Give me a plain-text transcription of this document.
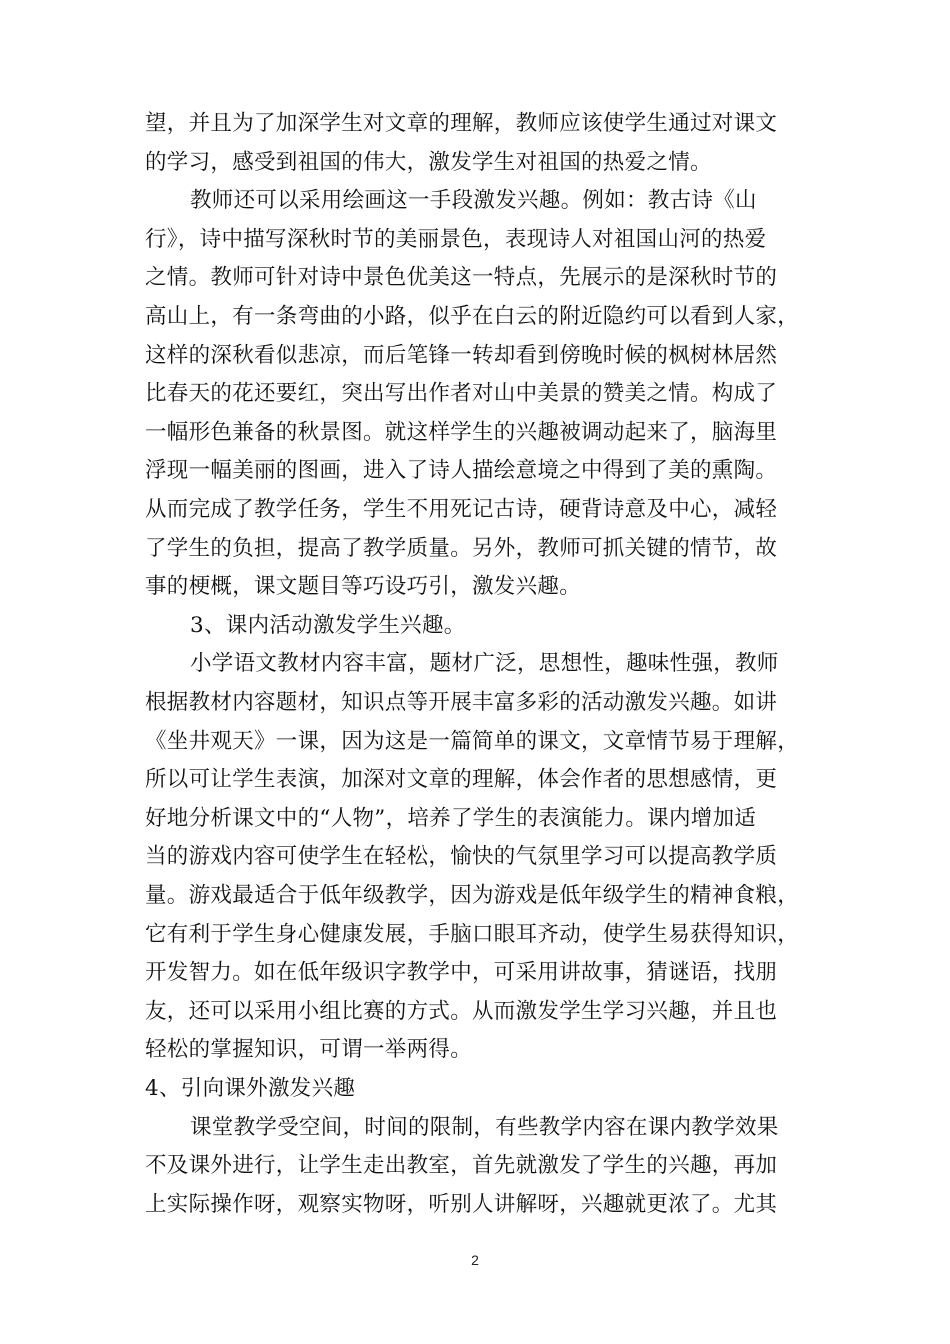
望，并且为了加深学生对文章的理解，教师应该使学生通过对课文
的学习，感受到祖国的伟大，激发学生对祖国的热爱之情。
教师还可以采用绘画这一手段激发兴趣。例如：教古诗《山
行》，诗中描写深秋时节的美丽景色，表现诗人对祖国山河的热爱
之情。教师可针对诗中景色优美这一特点，先展示的是深秋时节的
高山上，有一条弯曲的小路，似乎在白云的附近隐约可以看到人家，
这样的深秋看似悲凉，而后笔锋一转却看到傍晚时候的枫树林居然
比春天的花还要红，突出写出作者对山中美景的赞美之情。构成了
一幅形色兼备的秋景图。就这样学生的兴趣被调动起来了，脑海里
浮现一幅美丽的图画，进入了诗人描绘意境之中得到了美的熏陶。
从而完成了教学任务，学生不用死记古诗，硬背诗意及中心，减轻
了学生的负担，提高了教学质量。另外，教师可抓关键的情节，故
事的梗概，课文题目等巧设巧引，激发兴趣。
3、课内活动激发学生兴趣。
小学语文教材内容丰富，题材广泛，思想性，趣味性强，教师
根据教材内容题材，知识点等开展丰富多彩的活动激发兴趣。如讲
《坐井观天》一课，因为这是一篇简单的课文，文章情节易于理解，
所以可让学生表演，加深对文章的理解，体会作者的思想感情，更
好地分析课文中的“人物”，培养了学生的表演能力。课内增加适
当的游戏内容可使学生在轻松，愉快的气氛里学习可以提高教学质
量。游戏最适合于低年级教学，因为游戏是低年级学生的精神食粮，
它有利于学生身心健康发展，手脑口眼耳齐动，使学生易获得知识，
开发智力。如在低年级识字教学中，可采用讲故事，猜谜语，找朋
友，还可以采用小组比赛的方式。从而激发学生学习兴趣，并且也
轻松的掌握知识，可谓一举两得。
4、引向课外激发兴趣
课堂教学受空间，时间的限制，有些教学内容在课内教学效果
不及课外进行，让学生走出教室，首先就激发了学生的兴趣，再加
上实际操作呀，观察实物呀，听别人讲解呀，兴趣就更浓了。尤其
2
